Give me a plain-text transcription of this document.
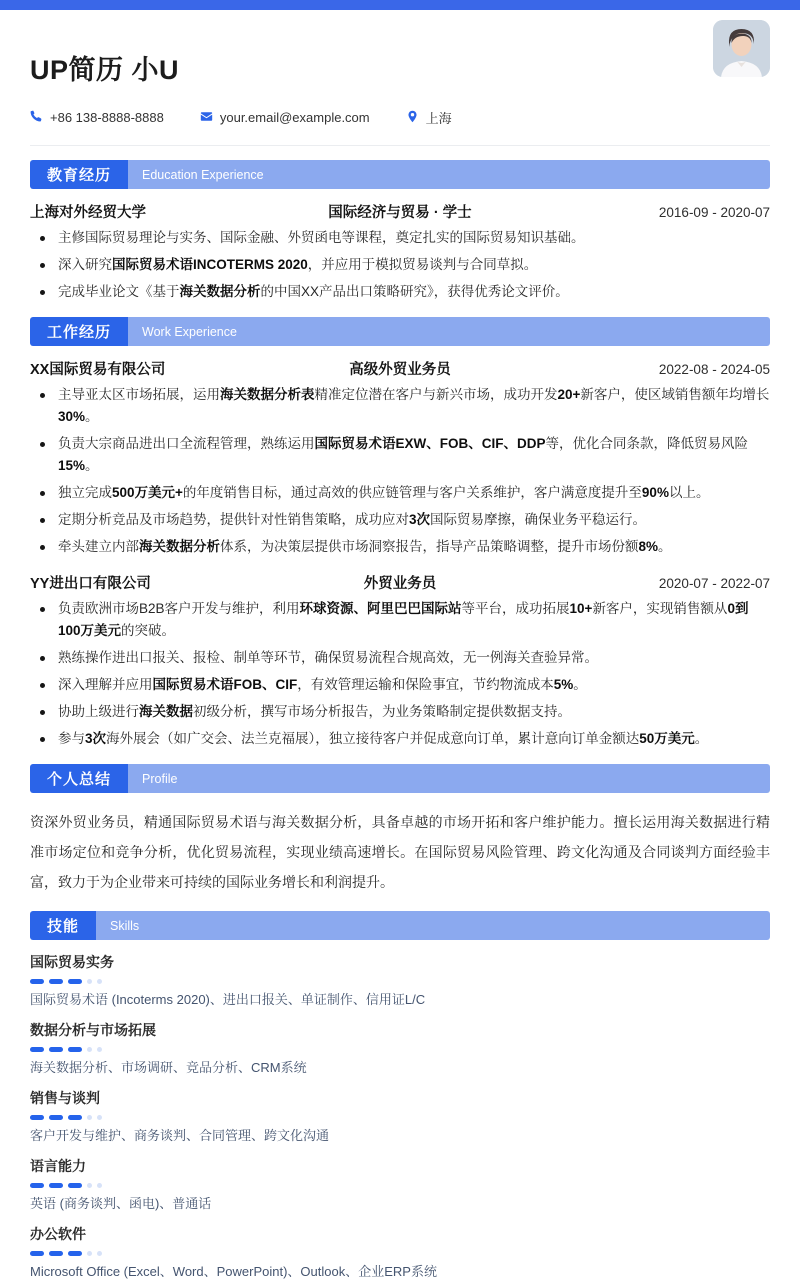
UP简历 小U
+86 138-8888-8888	your.email@example.com	上海
教育经历	Education Experience
上海对外经贸大学	国际经济与贸易 · 学士	2016-09 - 2020-07
主修国际贸易理论与实务、国际金融、外贸函电等课程，奠定扎实的国际贸易知识基础。
深入研究国际贸易术语INCOTERMS 2020，并应用于模拟贸易谈判与合同草拟。
完成毕业论文《基于海关数据分析的中国XX产品出口策略研究》，获得优秀论文评价。
工作经历	Work Experience
XX国际贸易有限公司	高级外贸业务员	2022-08 - 2024-05
主导亚太区市场拓展，运用海关数据分析表精准定位潜在客户与新兴市场，成功开发20+新客户，使区域销售额年均增长30%。
负责大宗商品进出口全流程管理，熟练运用国际贸易术语EXW、FOB、CIF、DDP等，优化合同条款，降低贸易风险15%。
独立完成500万美元+的年度销售目标，通过高效的供应链管理与客户关系维护，客户满意度提升至90%以上。
定期分析竞品及市场趋势，提供针对性销售策略，成功应对3次国际贸易摩擦，确保业务平稳运行。
牵头建立内部海关数据分析体系，为决策层提供市场洞察报告，指导产品策略调整，提升市场份额8%。
YY进出口有限公司	外贸业务员	2020-07 - 2022-07
负责欧洲市场B2B客户开发与维护，利用环球资源、阿里巴巴国际站等平台，成功拓展10+新客户，实现销售额从0到100万美元的突破。
熟练操作进出口报关、报检、制单等环节，确保贸易流程合规高效，无一例海关查验异常。
深入理解并应用国际贸易术语FOB、CIF，有效管理运输和保险事宜，节约物流成本5%。
协助上级进行海关数据初级分析，撰写市场分析报告，为业务策略制定提供数据支持。
参与3次海外展会（如广交会、法兰克福展），独立接待客户并促成意向订单，累计意向订单金额达50万美元。
个人总结	Profile

资深外贸业务员，精通国际贸易术语与海关数据分析，具备卓越的市场开拓和客户维护能力。擅长运用海关数据进行精准市场定位和竞争分析，优化贸易流程，实现业绩高速增长。在国际贸易风险管理、跨文化沟通及合同谈判方面经验丰富，致力于为企业带来可持续的国际业务增长和利润提升。

技能	Skills
国际贸易实务
国际贸易术语 (Incoterms 2020)、进出口报关、单证制作、信用证L/C
数据分析与市场拓展
海关数据分析、市场调研、竞品分析、CRM系统
销售与谈判
客户开发与维护、商务谈判、合同管理、跨文化沟通
语言能力
英语 (商务谈判、函电)、普通话
办公软件
Microsoft Office (Excel、Word、PowerPoint)、Outlook、企业ERP系统
